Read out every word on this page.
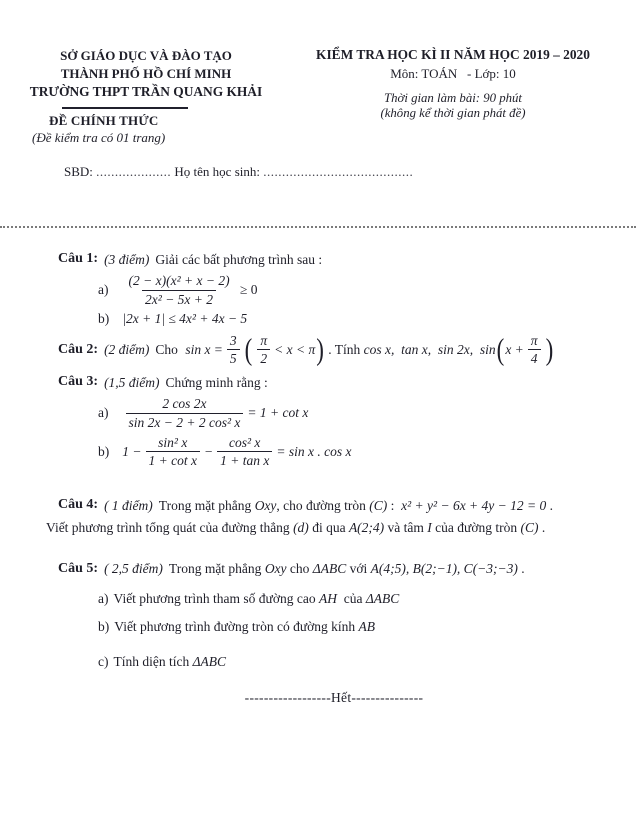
SỞ GIÁO DỤC VÀ ĐÀO TẠO
THÀNH PHỐ HỒ CHÍ MINH
TRƯỜNG THPT TRẦN QUANG KHẢI
ĐỀ CHÍNH THỨC
(Đề kiểm tra có 01 trang)

SBD: .................... Họ tên học sinh: ........................................

KIỂM TRA HỌC KÌ II NĂM HỌC 2019 – 2020
Môn: TOÁN   - Lớp: 10
Thời gian làm bài: 90 phút
(không kể thời gian phát đề)
Câu 1: (3 điểm) Giải các bất phương trình sau :
$a) \frac{\text{(2 − x)(x² + x − 2)}}{\text{2x² − 5x + 2}} \ge 0$
b) |2x + 1| ≤ 4x² + 4x − 5
Câu 2: (2 điểm) Cho $\sin x = \frac{3}{5}$ ( $\frac{\pi}{2} < x < \pi$ ) . Tính cos x,  tan x,  sin 2x,  sin ( $x + \frac{\pi}{4}$ )
Câu 3: (1,5 điểm) Chứng minh rằng :
$a) \frac{2 \cos 2x}{\text{sin 2x − 2 + 2 cos² x}} = 1 + \cot x$
b) $1 - \frac{\text{sin² x}}{\text{1 + cot x}} - \frac{\text{cos² x}}{\text{1 + tan x}} = \sin x$ . cos x
Câu 4: ( 1 điểm) Trong mặt phẳng Oxy , cho đường tròn (C) : x² + y² − 6x + 4y − 12 = 0 .
Viết phương trình tổng quát của đường thẳng (d) đi qua A(2;4) và tâm I của đường tròn (C) .
Câu 5: ( 2,5 điểm) Trong mặt phẳng Oxy cho ΔABC với A(4;5), B(2;−1), C(−3;−3) .
a) Viết phương trình tham số đường cao AH của ΔABC
b) Viết phương trình đường tròn có đường kính AB
c) Tính diện tích ΔABC
------------------Hết---------------
